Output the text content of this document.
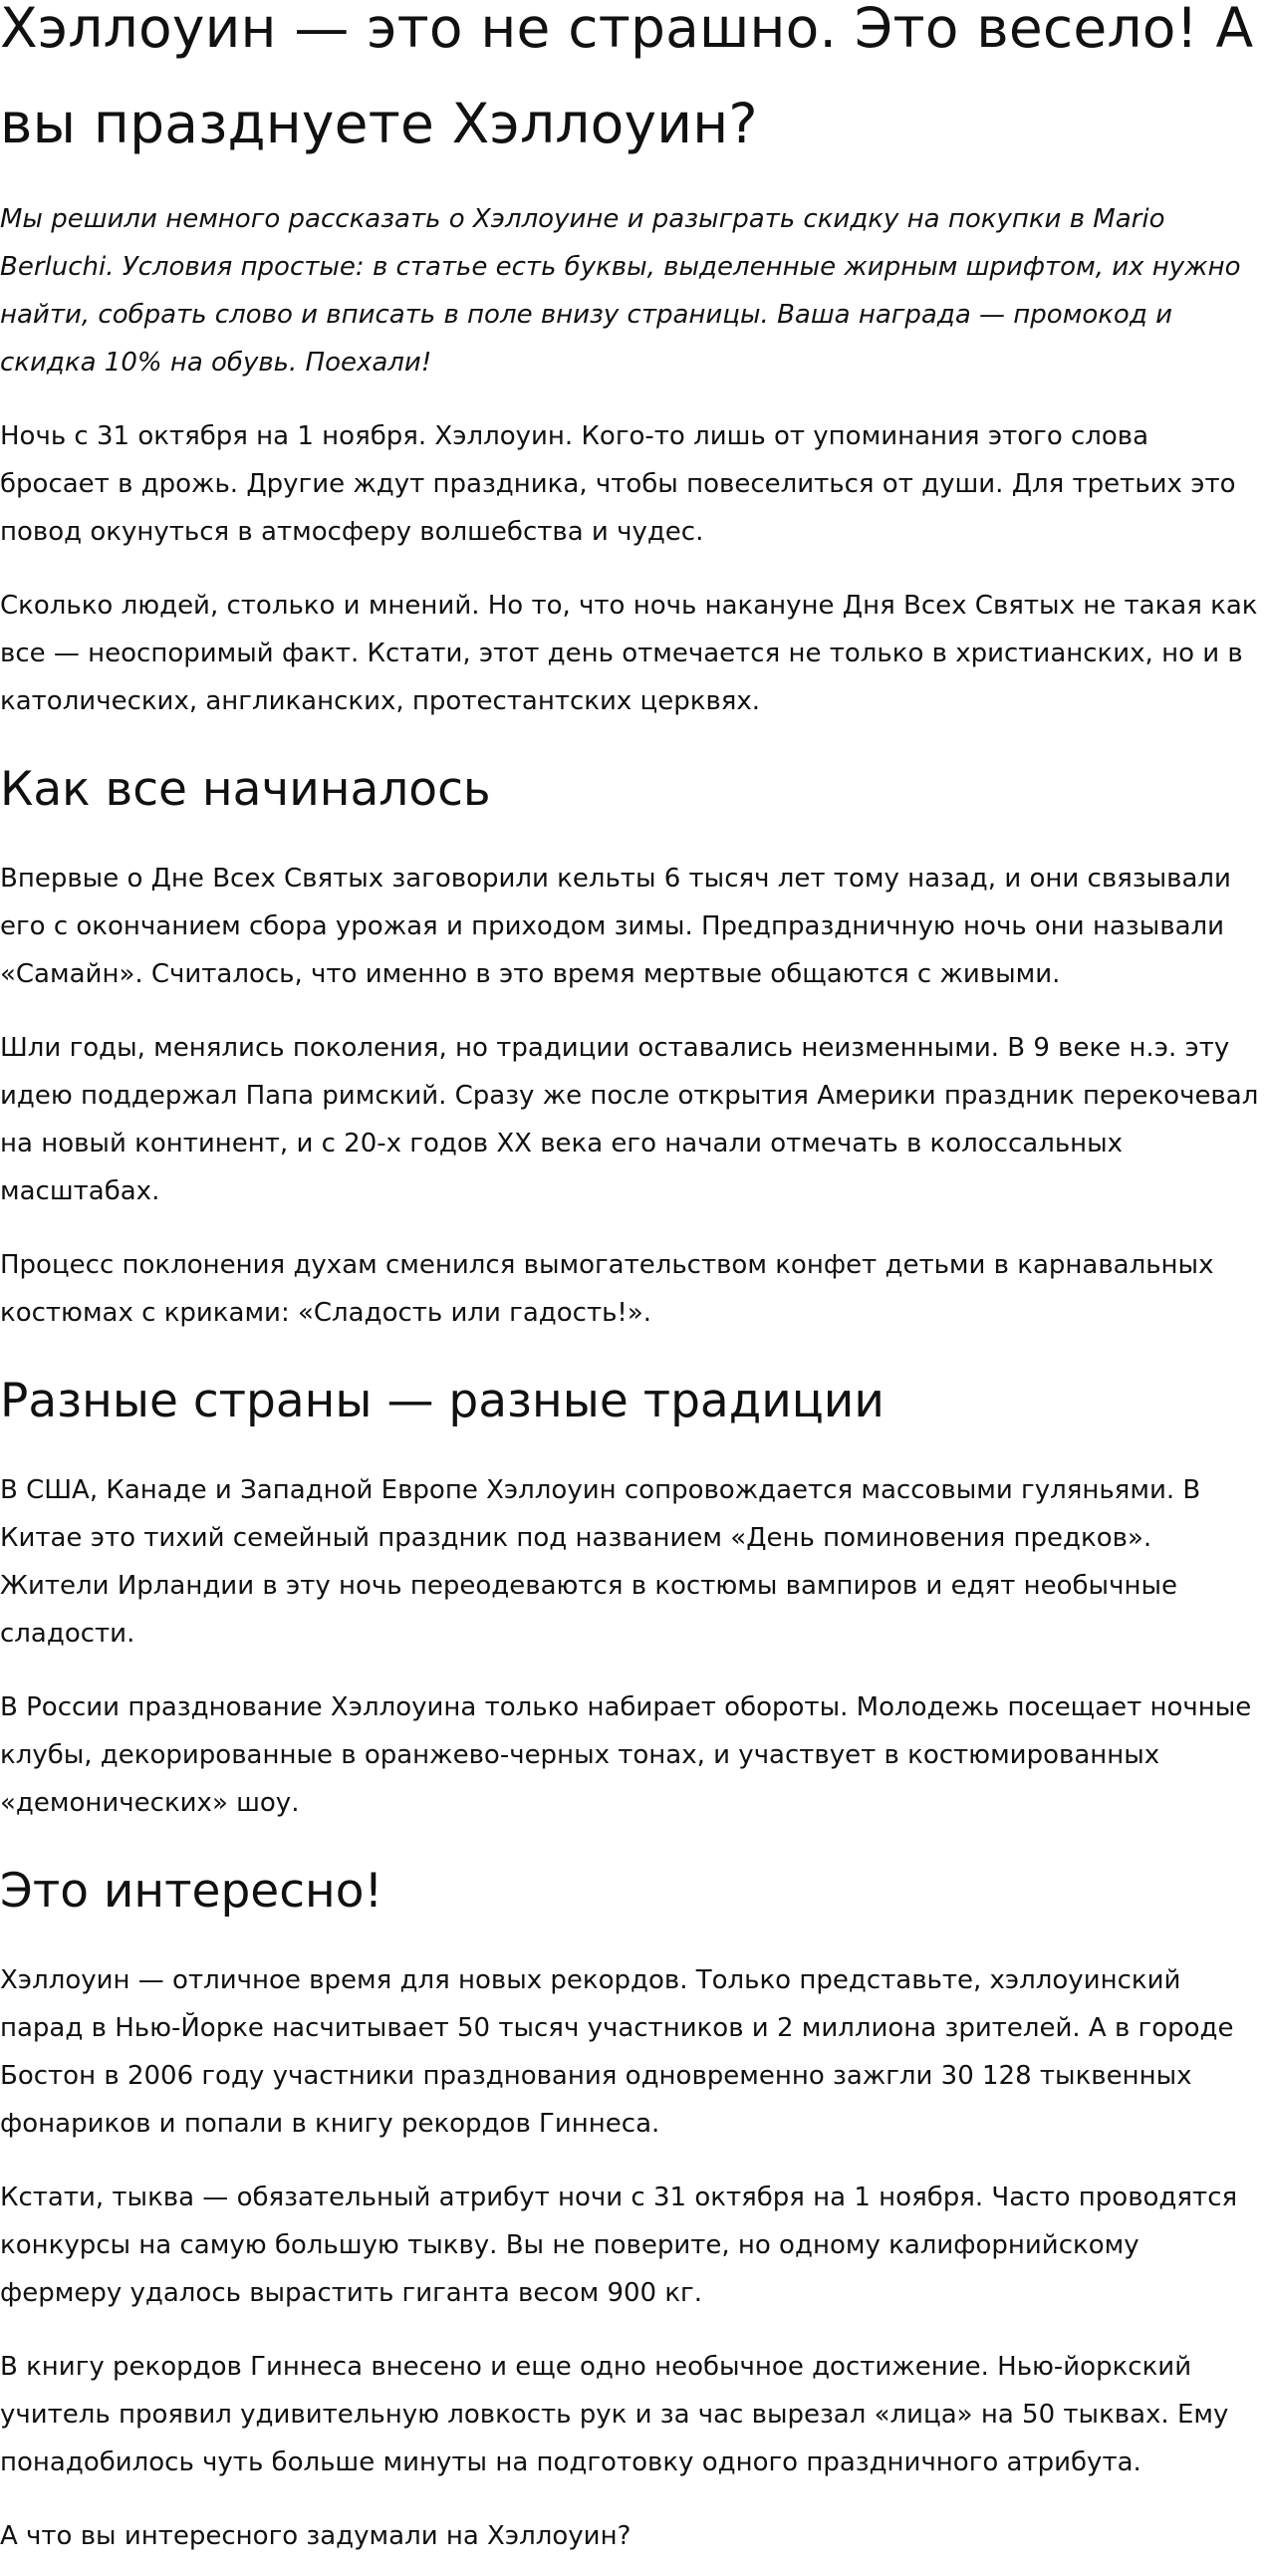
Хэллоуин — это не страшно. Это весело! А вы празднуете Хэллоуин?

Мы решили немного рассказать о Хэллоуине и разыграть скидку на покупки в Mario Berluchi. Условия простые: в статье есть буквы, выделенные жирным шрифтом, их нужно найти, собрать слово и вписать в поле внизу страницы. Ваша награда — промокод и скидка 10% на обувь. Поехали!

Ночь с 31 октября на 1 ноября. Хэллоуин. Кого-то лишь от упоминания этого слова бросает в дрожь. Другие ждут праздника, чтобы повеселиться от души. Для третьих это повод окунуться в атмосферу волшебства и чудес.

Сколько людей, столько и мнений. Но то, что ночь накануне Дня Всех Святых не такая как все — неоспоримый факт. Кстати, этот день отмечается не только в христианских, но и в католических, англиканских, протестантских церквях.

Как все начиналось

Впервые о Дне Всех Святых заговорили кельты 6 тысяч лет тому назад, и они связывали его с окончанием сбора урожая и приходом зимы. Предпраздничную ночь они называли «Самайн». Считалось, что именно в это время мертвые общаются с живыми.

Шли годы, менялись поколения, но традиции оставались неизменными. В 9 веке н.э. эту идею поддержал Папа римский. Сразу же после открытия Америки праздник перекочевал на новый континент, и с 20-х годов XX века его начали отмечать в колоссальных масштабах.

Процесс поклонения духам сменился вымогательством конфет детьми в карнавальных костюмах с криками: «Сладость или гадость!».

Разные страны — разные традиции

В США, Канаде и Западной Европе Хэллоуин сопровождается массовыми гуляньями. В Китае это тихий семейный праздник под названием «День поминовения предков». Жители Ирландии в эту ночь переодеваются в костюмы вампиров и едят необычные сладости.

В России празднование Хэллоуина только набирает обороты. Молодежь посещает ночные клубы, декорированные в оранжево-черных тонах, и участвует в костюмированных «демонических» шоу.

Это интересно!

Хэллоуин — отличное время для новых рекордов. Только представьте, хэллоуинский парад в Нью-Йорке насчитывает 50 тысяч участников и 2 миллиона зрителей. А в городе Бостон в 2006 году участники празднования одновременно зажгли 30 128 тыквенных фонариков и попали в книгу рекордов Гиннеса.

Кстати, тыква — обязательный атрибут ночи с 31 октября на 1 ноября. Часто проводятся конкурсы на самую большую тыкву. Вы не поверите, но одному калифорнийскому фермеру удалось вырастить гиганта весом 900 кг.

В книгу рекордов Гиннеса внесено и еще одно необычное достижение. Нью-йоркский учитель проявил удивительную ловкость рук и за час вырезал «лица» на 50 тыквах. Ему понадобилось чуть больше минуты на подготовку одного праздничного атрибута.

А что вы интересного задумали на Хэллоуин?
